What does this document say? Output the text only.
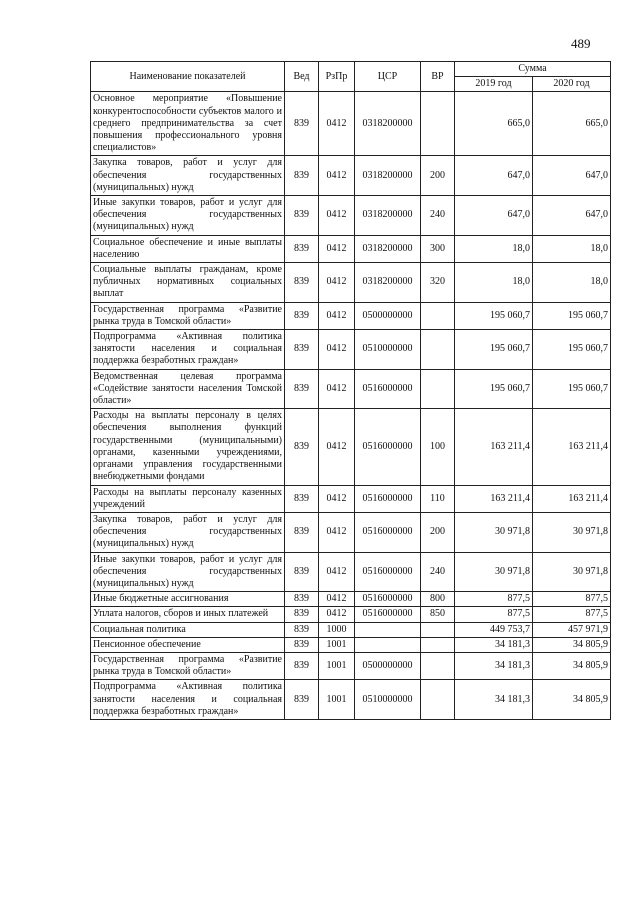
489
Наименование показателей	Вед	РзПр	ЦСР	ВР	Сумма	
					2019 год	2020 год
Основное мероприятие «Повышение конкурентоспособности субъектов малого и среднего предпринимательства за счет повышения профессионального уровня специалистов»	839	0412	0318200000		665,0	665,0
Закупка товаров, работ и услуг для обеспечения государственных (муниципальных) нужд	839	0412	0318200000	200	647,0	647,0
Иные закупки товаров, работ и услуг для обеспечения государственных (муниципальных) нужд	839	0412	0318200000	240	647,0	647,0
Социальное обеспечение и иные выплаты населению	839	0412	0318200000	300	18,0	18,0
Социальные выплаты гражданам, кроме публичных нормативных социальных выплат	839	0412	0318200000	320	18,0	18,0
Государственная программа «Развитие рынка труда в Томской области»	839	0412	0500000000		195 060,7	195 060,7
Подпрограмма «Активная политика занятости населения и социальная поддержка безработных граждан»	839	0412	0510000000		195 060,7	195 060,7
Ведомственная целевая программа «Содействие занятости населения Томской области»	839	0412	0516000000		195 060,7	195 060,7
Расходы на выплаты персоналу в целях обеспечения выполнения функций государственными (муниципальными) органами, казенными учреждениями, органами управления государственными внебюджетными фондами	839	0412	0516000000	100	163 211,4	163 211,4
Расходы на выплаты персоналу казенных учреждений	839	0412	0516000000	110	163 211,4	163 211,4
Закупка товаров, работ и услуг для обеспечения государственных (муниципальных) нужд	839	0412	0516000000	200	30 971,8	30 971,8
Иные закупки товаров, работ и услуг для обеспечения государственных (муниципальных) нужд	839	0412	0516000000	240	30 971,8	30 971,8
Иные бюджетные ассигнования	839	0412	0516000000	800	877,5	877,5
Уплата налогов, сборов и иных платежей	839	0412	0516000000	850	877,5	877,5
Социальная политика	839	1000			449 753,7	457 971,9
Пенсионное обеспечение	839	1001			34 181,3	34 805,9
Государственная программа «Развитие рынка труда в Томской области»	839	1001	0500000000		34 181,3	34 805,9
Подпрограмма «Активная политика занятости населения и социальная поддержка безработных граждан»	839	1001	0510000000		34 181,3	34 805,9
